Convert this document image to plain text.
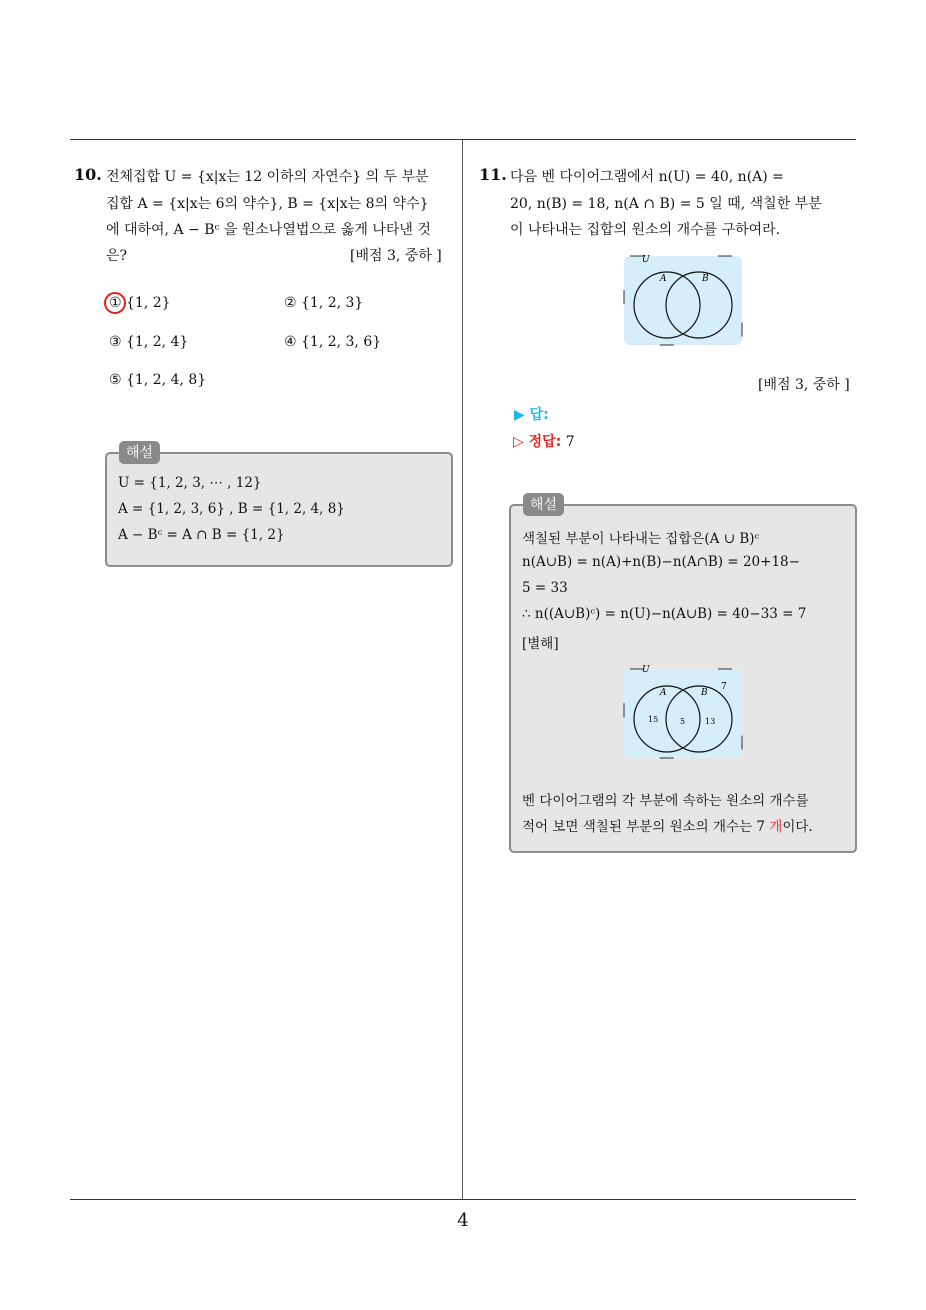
10. 전체집합 U = {x|x는 12 이하의 자연수} 의 두 부분
집합 A = {x|x는 6의 약수}, B = {x|x는 8의 약수}
에 대하여, A − Bᶜ 을 원소나열법으로 옳게 나타낸 것
은?	[배점 3, 중하 ]
① {1, 2}	② {1, 2, 3}
③ {1, 2, 4}	④ {1, 2, 3, 6}
⑤ {1, 2, 4, 8}
해설
U = {1, 2, 3, ⋯ , 12}
A = {1, 2, 3, 6} , B = {1, 2, 4, 8}
A − Bᶜ = A ∩ B = {1, 2}
11. 다음 벤 다이어그램에서 n(U) = 40, n(A) =
20, n(B) = 18, n(A ∩ B) = 5 일 때, 색칠한 부분
이 나타내는 집합의 원소의 개수를 구하여라.
U
A	B
[배점 3, 중하 ]
▶ 답:
▷ 정답: 7
해설
색칠된 부분이 나타내는 집합은(A ∪ B)ᶜ
n(A∪B) = n(A)+n(B)−n(A∩B) = 20+18−
5 = 33
∴ n((A∪B)ᶜ) = n(U)−n(A∪B) = 40−33 = 7
[별해]
U
A	B
7
15	5 13
벤 다이어그램의 각 부분에 속하는 원소의 개수를
적어 보면 색칠된 부분의 원소의 개수는 7 개이다.
4
